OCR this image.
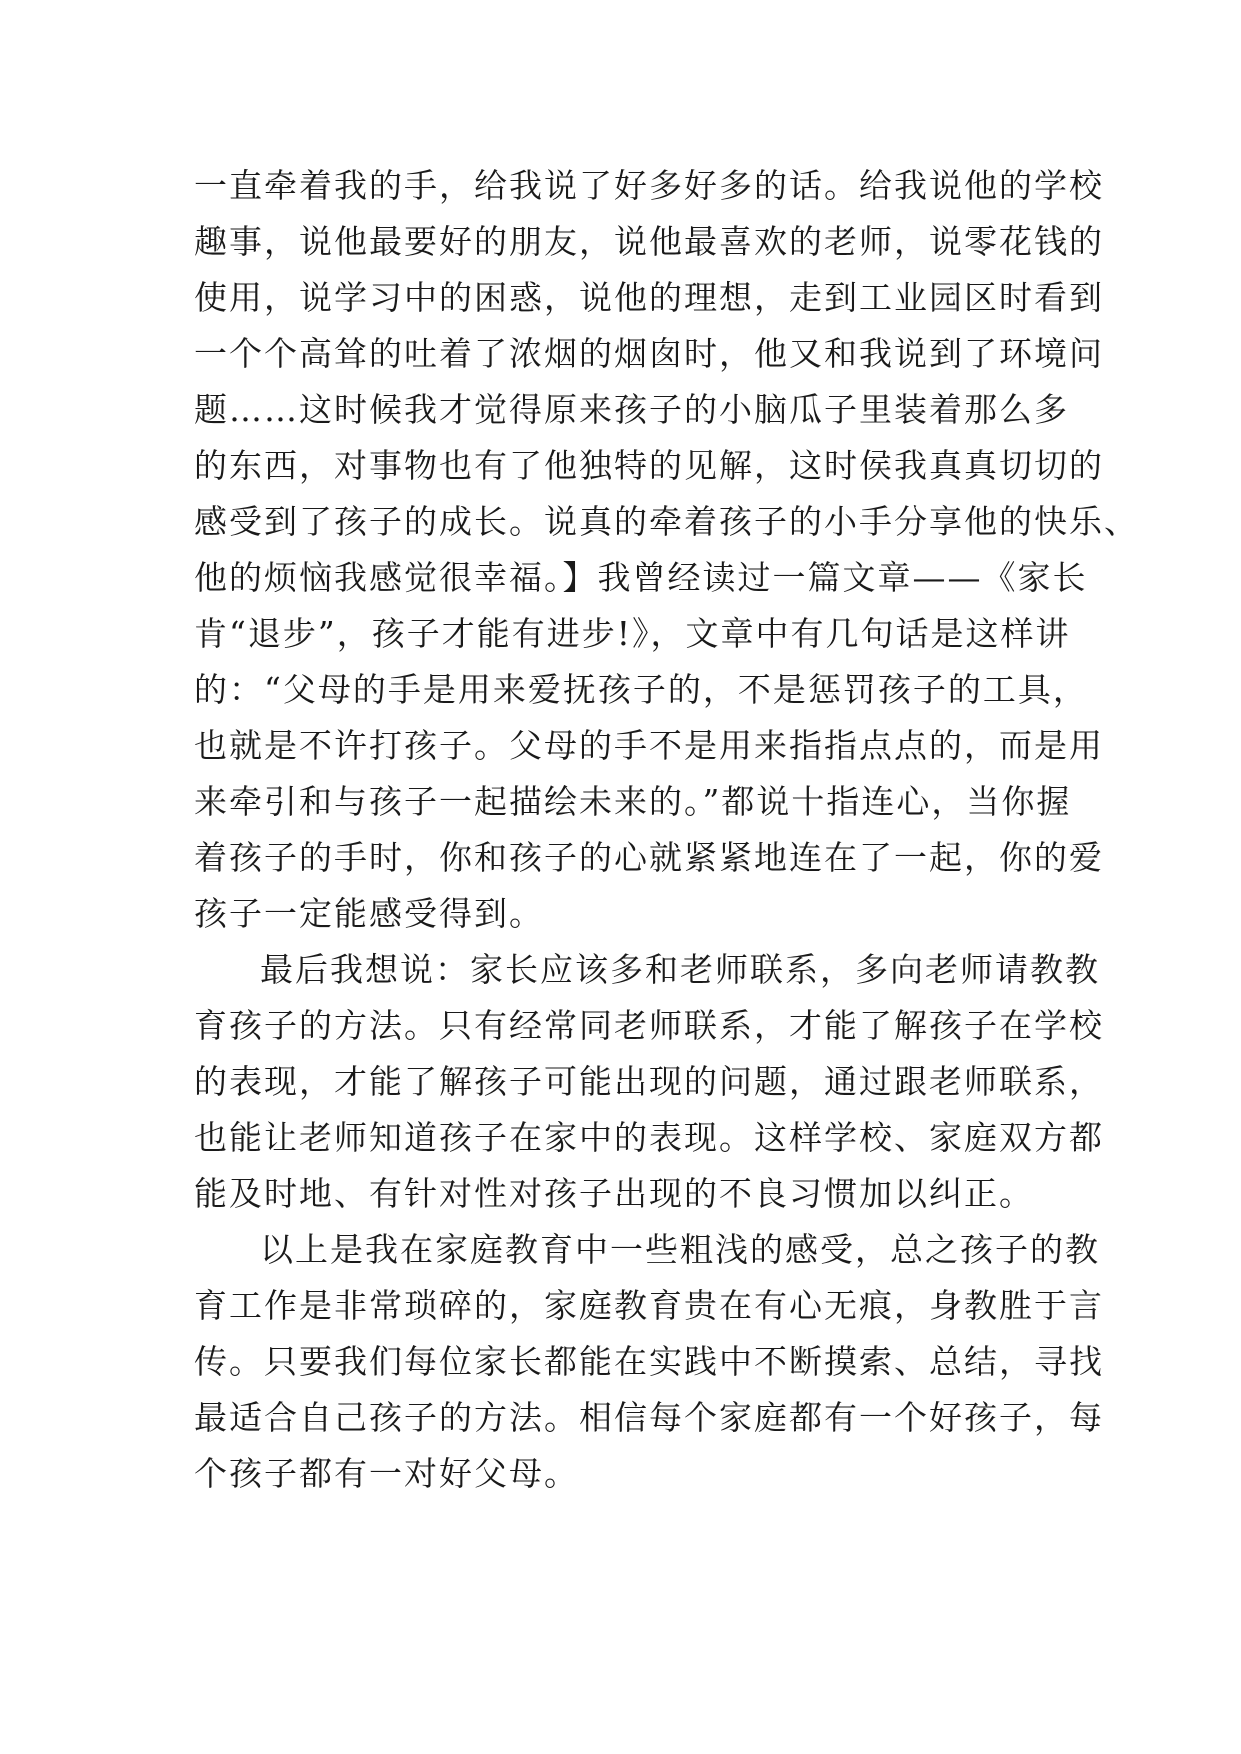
一直牵着我的手，给我说了好多好多的话。给我说他的学校
趣事，说他最要好的朋友，说他最喜欢的老师，说零花钱的
使用，说学习中的困惑，说他的理想，走到工业园区时看到
一个个高耸的吐着了浓烟的烟囱时，他又和我说到了环境问
题……这时候我才觉得原来孩子的小脑瓜子里装着那么多
的东西，对事物也有了他独特的见解，这时侯我真真切切的
感受到了孩子的成长。说真的牵着孩子的小手分享他的快乐、
他的烦恼我感觉很幸福。】我曾经读过一篇文章——《家长
肯“退步”，孩子才能有进步!》，文章中有几句话是这样讲
的：“父母的手是用来爱抚孩子的，不是惩罚孩子的工具，
也就是不许打孩子。父母的手不是用来指指点点的，而是用
来牵引和与孩子一起描绘未来的。”都说十指连心，当你握
着孩子的手时，你和孩子的心就紧紧地连在了一起，你的爱
孩子一定能感受得到。
最后我想说：家长应该多和老师联系，多向老师请教教
育孩子的方法。只有经常同老师联系，才能了解孩子在学校
的表现，才能了解孩子可能出现的问题，通过跟老师联系，
也能让老师知道孩子在家中的表现。这样学校、家庭双方都
能及时地、有针对性对孩子出现的不良习惯加以纠正。
以上是我在家庭教育中一些粗浅的感受，总之孩子的教
育工作是非常琐碎的，家庭教育贵在有心无痕，身教胜于言
传。只要我们每位家长都能在实践中不断摸索、总结，寻找
最适合自己孩子的方法。相信每个家庭都有一个好孩子，每
个孩子都有一对好父母。
